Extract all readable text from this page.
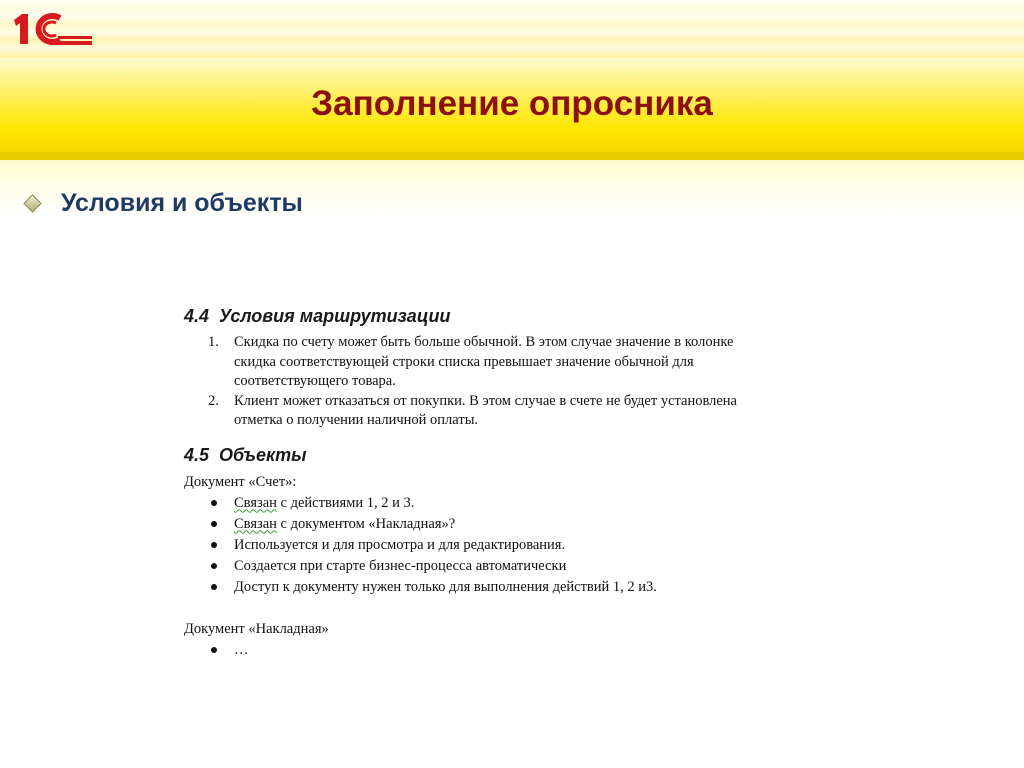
Заполнение опросника
Условия и объекты
4.4 Условия маршрутизации
1. Скидка по счету может быть больше обычной. В этом случае значение в колонке
скидка соответствующей строки списка превышает значение обычной для
соответствующего товара.
2. Клиент может отказаться от покупки. В этом случае в счете не будет установлена
отметка о получении наличной оплаты.
4.5 Объекты

Документ «Счет»:

Связан с действиями 1, 2 и 3.
Связан с документом «Накладная»?
Используется и для просмотра и для редактирования.
Создается при старте бизнес-процесса автоматически
Доступ к документу нужен только для выполнения действий 1, 2 и3.

Документ «Накладная»

…
